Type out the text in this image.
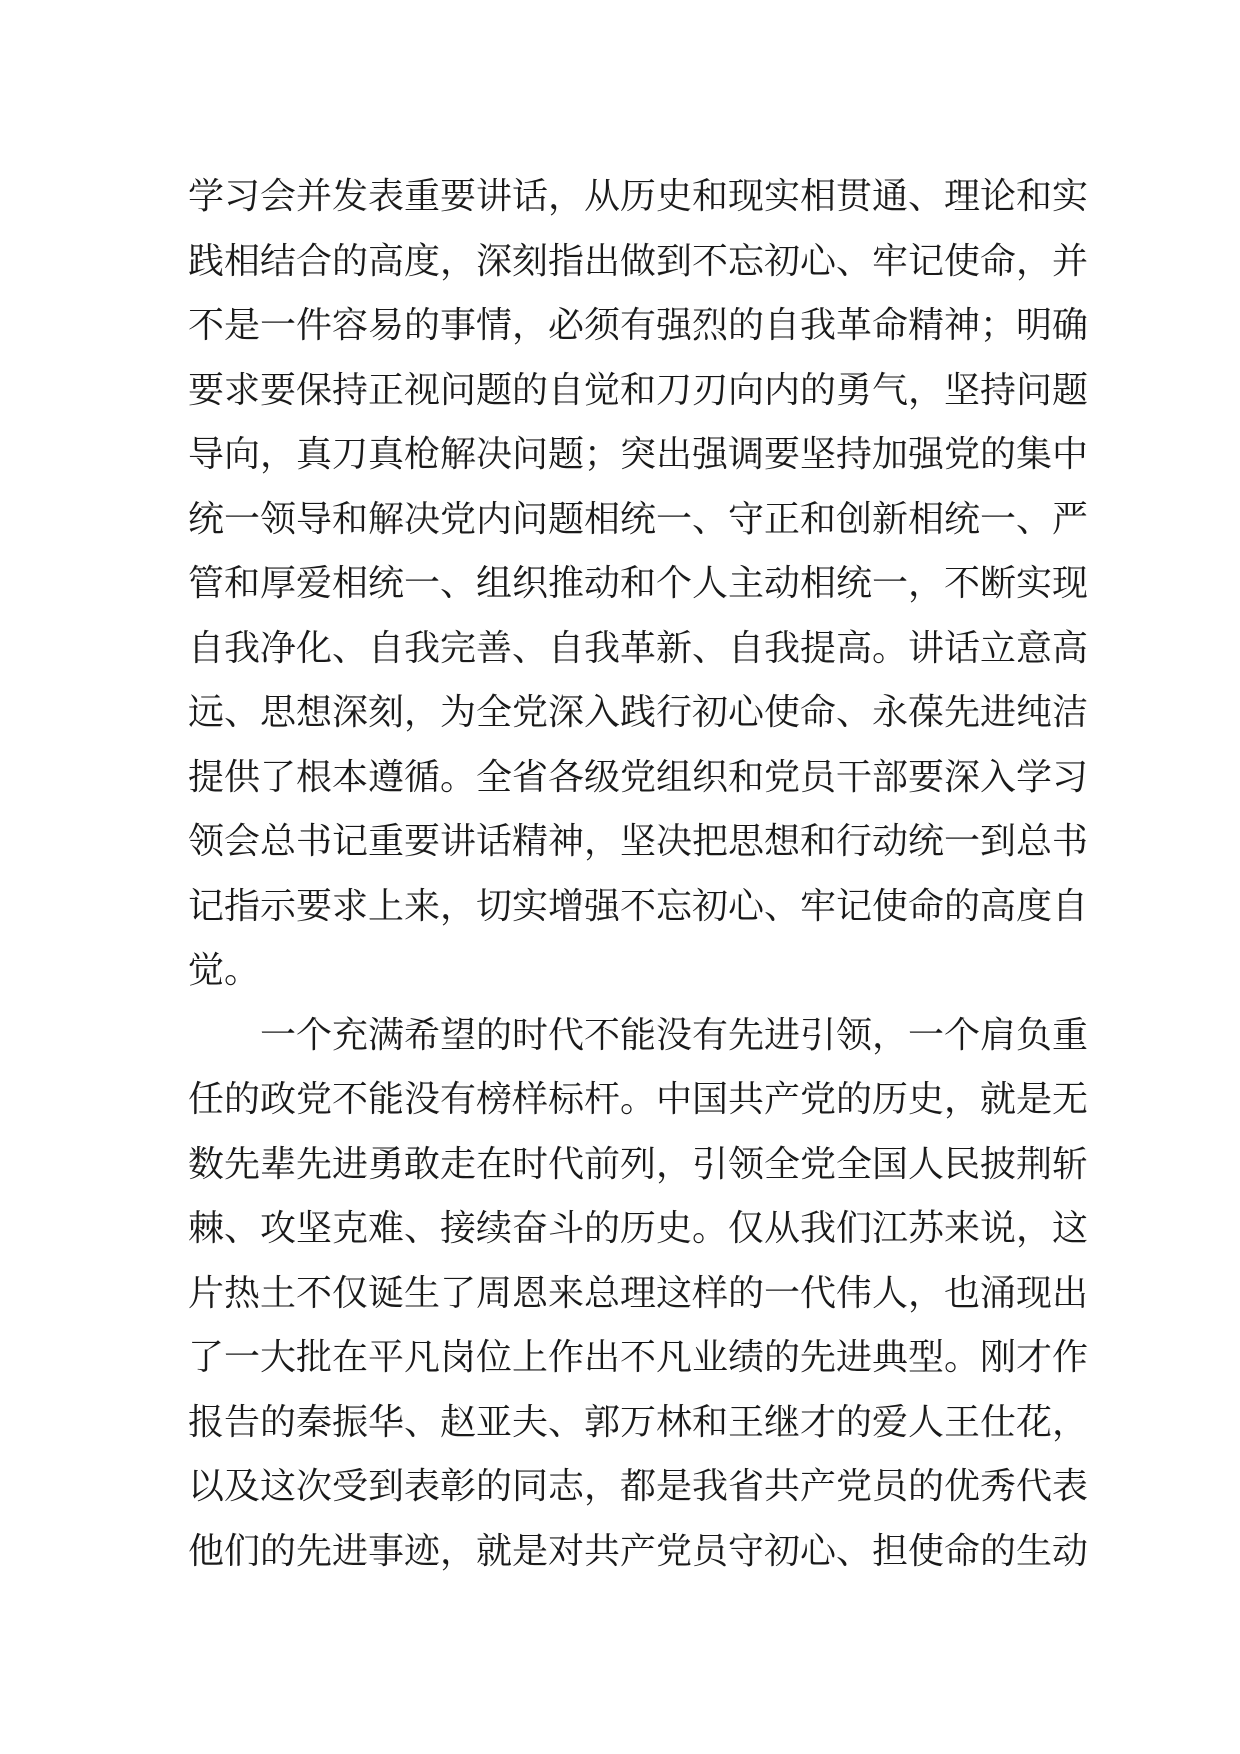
学习会并发表重要讲话，从历史和现实相贯通、理论和实
践相结合的高度，深刻指出做到不忘初心、牢记使命，并
不是一件容易的事情，必须有强烈的自我革命精神；明确
要求要保持正视问题的自觉和刀刃向内的勇气，坚持问题
导向，真刀真枪解决问题；突出强调要坚持加强党的集中
统一领导和解决党内问题相统一、守正和创新相统一、严
管和厚爱相统一、组织推动和个人主动相统一，不断实现
自我净化、自我完善、自我革新、自我提高。讲话立意高
远、思想深刻，为全党深入践行初心使命、永葆先进纯洁
提供了根本遵循。全省各级党组织和党员干部要深入学习
领会总书记重要讲话精神，坚决把思想和行动统一到总书
记指示要求上来，切实增强不忘初心、牢记使命的高度自
觉。
　　一个充满希望的时代不能没有先进引领，一个肩负重
任的政党不能没有榜样标杆。中国共产党的历史，就是无
数先辈先进勇敢走在时代前列，引领全党全国人民披荆斩
棘、攻坚克难、接续奋斗的历史。仅从我们江苏来说，这
片热土不仅诞生了周恩来总理这样的一代伟人，也涌现出
了一大批在平凡岗位上作出不凡业绩的先进典型。刚才作
报告的秦振华、赵亚夫、郭万林和王继才的爱人王仕花，
以及这次受到表彰的同志，都是我省共产党员的优秀代表
他们的先进事迹，就是对共产党员守初心、担使命的生动
